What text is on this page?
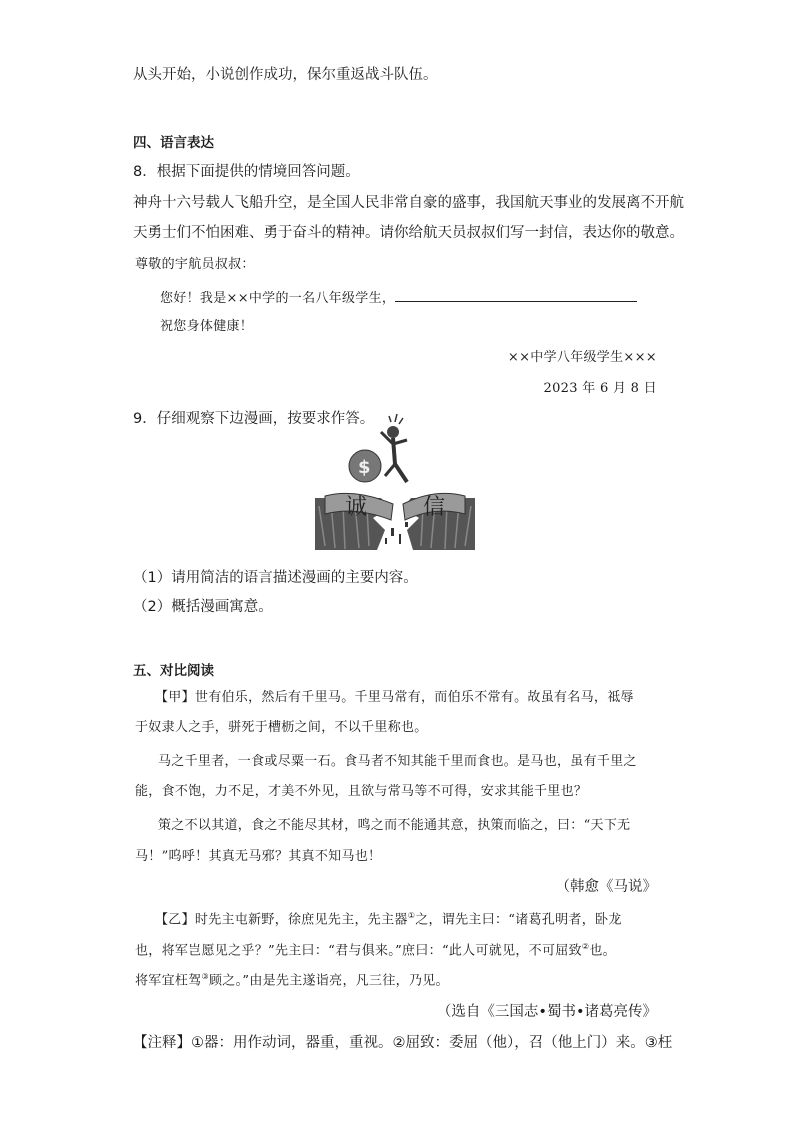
从头开始，小说创作成功，保尔重返战斗队伍。
四、语言表达
8．根据下面提供的情境回答问题。
神舟十六号载人飞船升空，是全国人民非常自豪的盛事，我国航天事业的发展离不开航
天勇士们不怕困难、勇于奋斗的精神。请你给航天员叔叔们写一封信，表达你的敬意。
尊敬的宇航员叔叔：
您好！我是××中学的一名八年级学生，
祝您身体健康！
××中学八年级学生×××
2023 年 6 月 8 日
9．仔细观察下边漫画，按要求作答。
诚	信
$
（1）请用简洁的语言描述漫画的主要内容。
（2）概括漫画寓意。
五、对比阅读
【甲】世有伯乐，然后有千里马。千里马常有，而伯乐不常有。故虽有名马，祗辱
于奴隶人之手，骈死于槽枥之间，不以千里称也。
马之千里者，一食或尽粟一石。食马者不知其能千里而食也。是马也，虽有千里之
能，食不饱，力不足，才美不外见，且欲与常马等不可得，安求其能千里也？
策之不以其道，食之不能尽其材，鸣之而不能通其意，执策而临之，曰：“天下无
马！”呜呼！其真无马邪？其真不知马也！
（韩愈《马说》
【乙】时先主屯新野，徐庶见先主，先主器①之，谓先主曰：“诸葛孔明者，卧龙
也，将军岂愿见之乎？”先主曰：“君与俱来。”庶曰：“此人可就见，不可屈致②也。
将军宜枉驾③顾之。”由是先主遂诣亮，凡三往，乃见。
（选自《三国志•蜀书•诸葛亮传》
【注释】①器：用作动词，器重，重视。②屈致：委屈（他），召（他上门）来。③枉
